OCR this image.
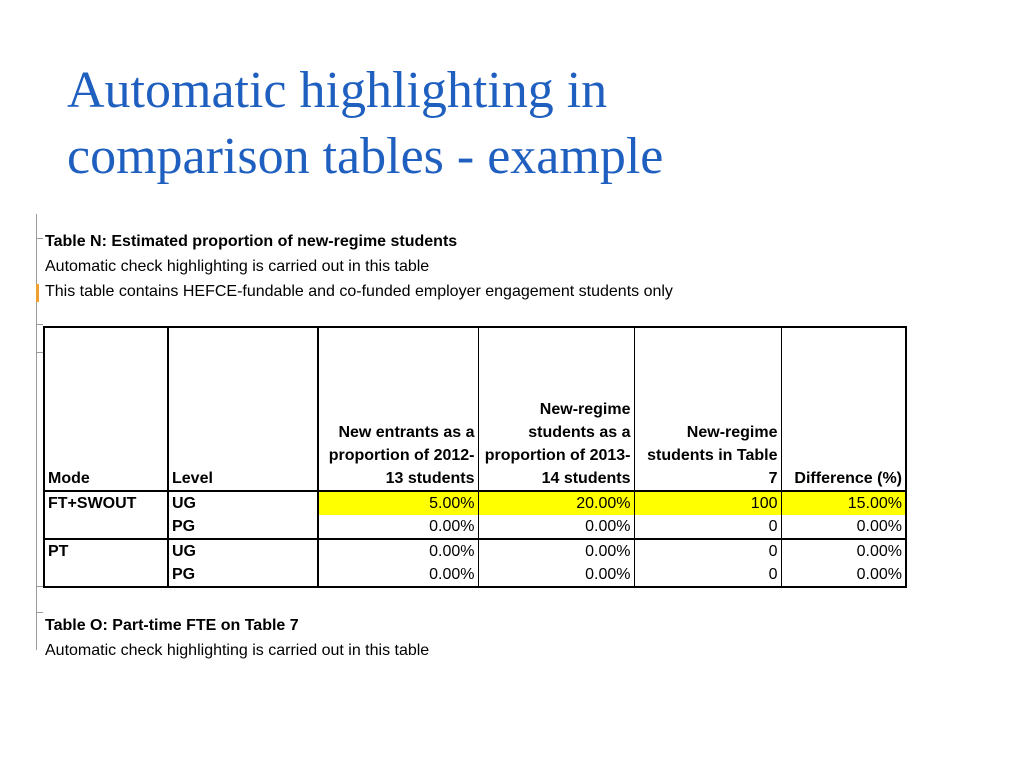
Automatic highlighting in
comparison tables - example
Table N: Estimated proportion of new-regime students
Automatic check highlighting is carried out in this table
This table contains HEFCE-fundable and co-funded employer engagement students only
Mode	Level	New entrants as a proportion of 2012-13 students	New-regime students as a proportion of 2013-14 students	New-regime students in Table 7	Difference (%)
FT+SWOUT	UG	5.00%	20.00%	100	15.00%
	PG	0.00%	0.00%	0	0.00%
PT	UG	0.00%	0.00%	0	0.00%
	PG	0.00%	0.00%	0	0.00%
Table O: Part-time FTE on Table 7
Automatic check highlighting is carried out in this table
